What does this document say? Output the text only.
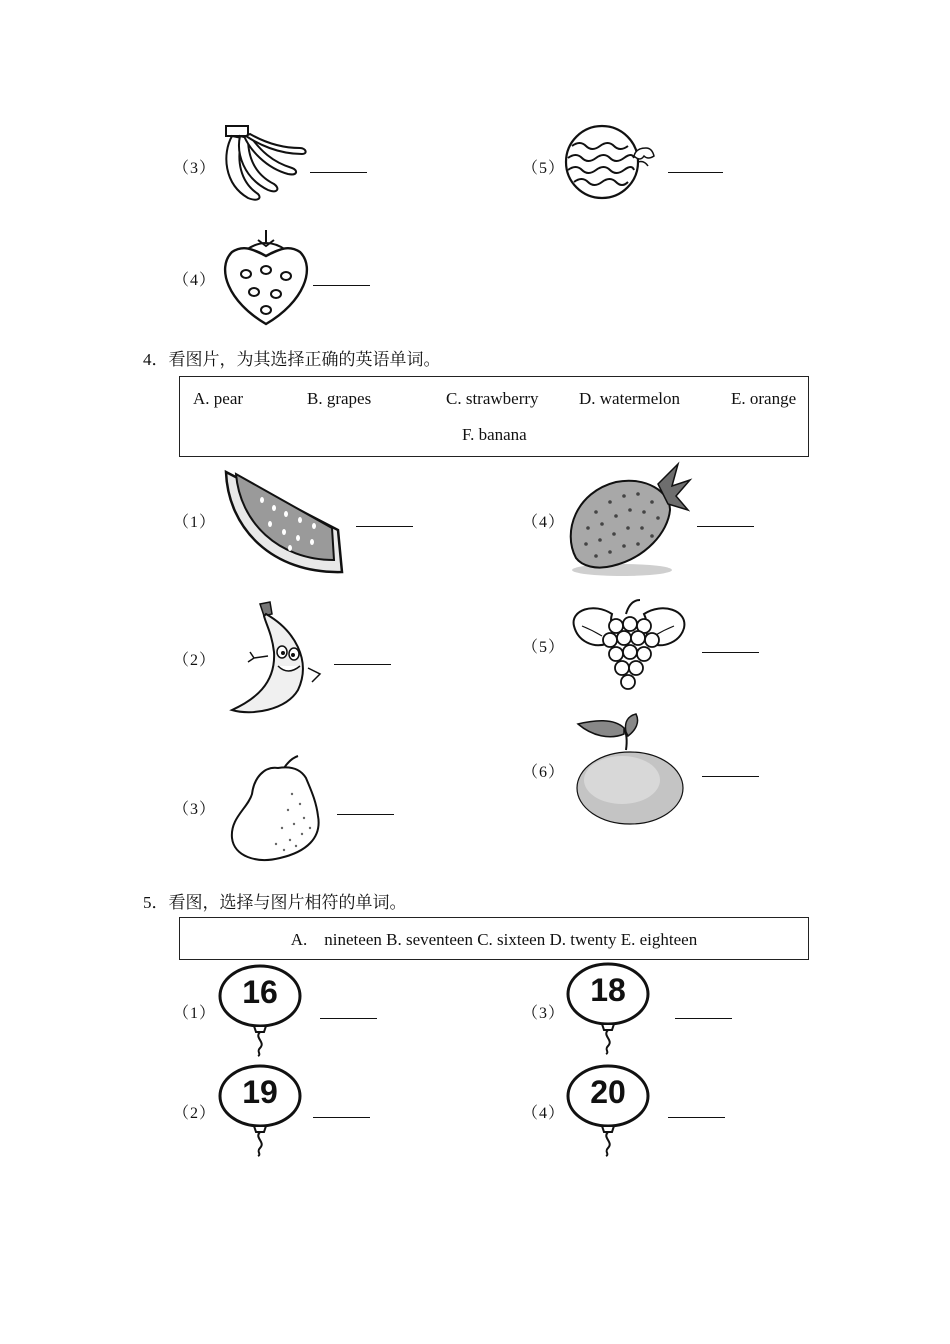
（3）	（5）
（4）
4．看图片，为其选择正确的英语单词。
A. pear	B. grapes	C. strawberry D. watermelon	E. orange
F. banana
（1）	（4）
（2）
（5）
（3）
（6）
5．看图，选择与图片相符的单词。
A.    nineteen B. seventeen C. sixteen D. twenty E. eighteen
（1）
16
（3）
18
（2）
19
（4）
20
